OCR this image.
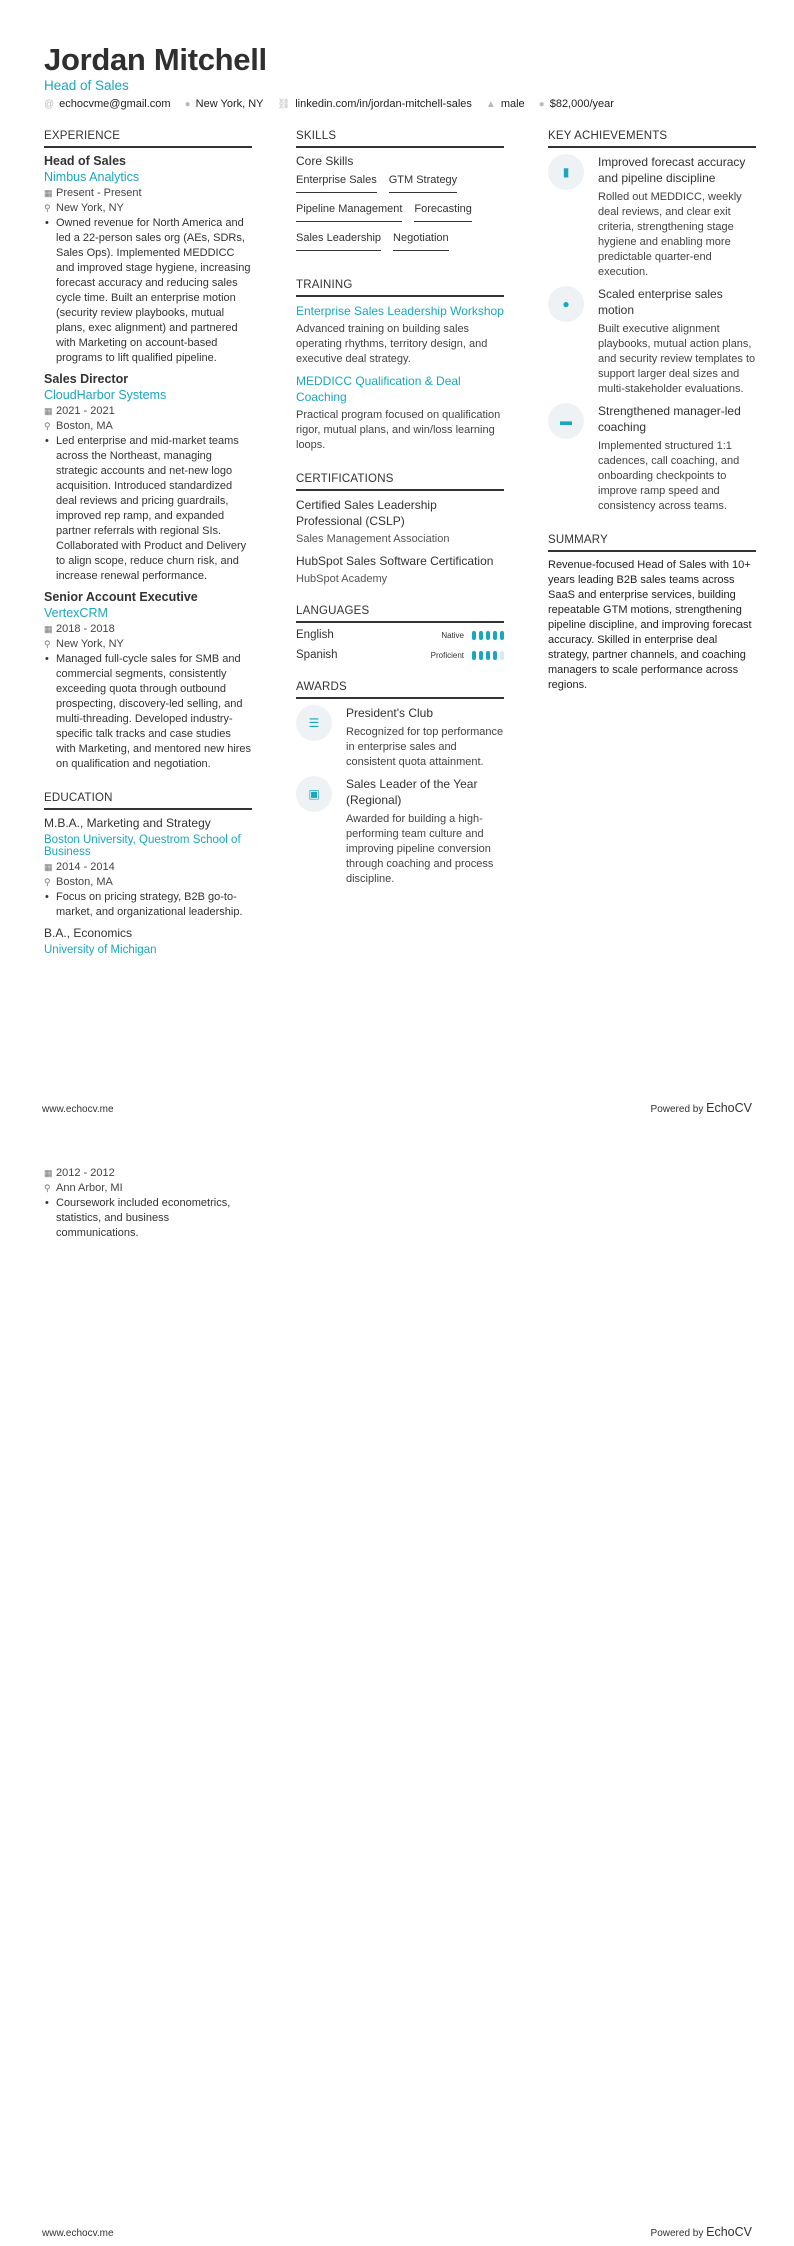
Jordan Mitchell
Head of Sales
@ echocvme@gmail.com ● New York, NY ⛓ linkedin.com/in/jordan-mitchell-sales ▲ male ● $82,000/year
EXPERIENCE
Head of Sales
Nimbus Analytics
▦ Present - Present
⚲ New York, NY
• Owned revenue for North America and led a 22-person sales org (AEs, SDRs, Sales Ops). Implemented MEDDICC and improved stage hygiene, increasing forecast accuracy and reducing sales cycle time. Built an enterprise motion (security review playbooks, mutual plans, exec alignment) and partnered with Marketing on account-based programs to lift qualified pipeline.
Sales Director
CloudHarbor Systems
▦ 2021 - 2021
⚲ Boston, MA
• Led enterprise and mid-market teams across the Northeast, managing strategic accounts and net-new logo acquisition. Introduced standardized deal reviews and pricing guardrails, improved rep ramp, and expanded partner referrals with regional SIs. Collaborated with Product and Delivery to align scope, reduce churn risk, and increase renewal performance.
Senior Account Executive
VertexCRM
▦ 2018 - 2018
⚲ New York, NY
• Managed full-cycle sales for SMB and commercial segments, consistently exceeding quota through outbound prospecting, discovery-led selling, and multi-threading. Developed industry-specific talk tracks and case studies with Marketing, and mentored new hires on qualification and negotiation.
EDUCATION
M.B.A., Marketing and Strategy
Boston University, Questrom School of Business
▦ 2014 - 2014
⚲ Boston, MA
• Focus on pricing strategy, B2B go-to-market, and organizational leadership.
B.A., Economics
University of Michigan
▦ 2012 - 2012
⚲ Ann Arbor, MI
• Coursework included econometrics, statistics, and business communications.
SKILLS
Core Skills
Enterprise Sales GTM Strategy
Pipeline Management Forecasting
Sales Leadership Negotiation
TRAINING
Enterprise Sales Leadership Workshop
Advanced training on building sales operating rhythms, territory design, and executive deal strategy.
MEDDICC Qualification & Deal Coaching
Practical program focused on qualification rigor, mutual plans, and win/loss learning loops.
CERTIFICATIONS
Certified Sales Leadership Professional (CSLP)
Sales Management Association
HubSpot Sales Software Certification
HubSpot Academy
LANGUAGES
English	Native
Spanish	Proficient
AWARDS
☰
President's Club
Recognized for top performance in enterprise sales and consistent quota attainment.
▣
Sales Leader of the Year (Regional)
Awarded for building a high-performing team culture and improving pipeline conversion through coaching and process discipline.
KEY ACHIEVEMENTS
▮
Improved forecast accuracy and pipeline discipline
Rolled out MEDDICC, weekly deal reviews, and clear exit criteria, strengthening stage hygiene and enabling more predictable quarter-end execution.
●
Scaled enterprise sales motion
Built executive alignment playbooks, mutual action plans, and security review templates to support larger deal sizes and multi-stakeholder evaluations.
▬
Strengthened manager-led coaching
Implemented structured 1:1 cadences, call coaching, and onboarding checkpoints to improve ramp speed and consistency across teams.
SUMMARY
Revenue-focused Head of Sales with 10+ years leading B2B sales teams across SaaS and enterprise services, building repeatable GTM motions, strengthening pipeline discipline, and improving forecast accuracy. Skilled in enterprise deal strategy, partner channels, and coaching managers to scale performance across regions.
www.echocv.me	Powered by EchoCV
www.echocv.me	Powered by EchoCV
